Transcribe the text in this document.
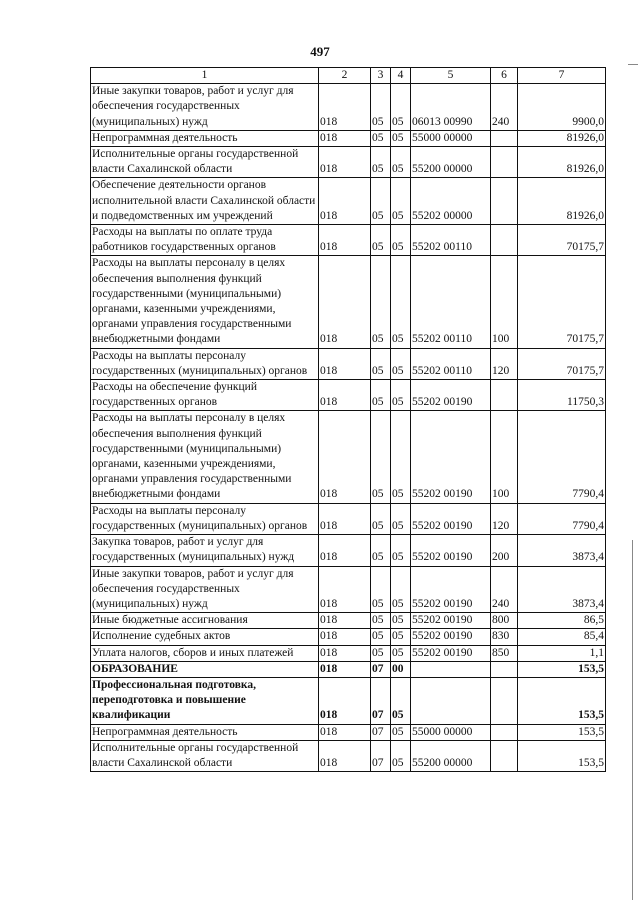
497
1	2	3	4	5	6	7
Иные закупки товаров, работ и услуг для обеспечения государственных (муниципальных) нужд	018	05	05	06013 00990	240	9900,0
Непрограммная деятельность	018	05	05	55000 00000		81926,0
Исполнительные органы государственной власти Сахалинской области	018	05	05	55200 00000		81926,0
Обеспечение деятельности органов исполнительной власти Сахалинской области и подведомственных им учреждений	018	05	05	55202 00000		81926,0
Расходы на выплаты по оплате труда работников государственных органов	018	05	05	55202 00110		70175,7
Расходы на выплаты персоналу в целях обеспечения выполнения функций государственными (муниципальными) органами, казенными учреждениями, органами управления государственными внебюджетными фондами	018	05	05	55202 00110	100	70175,7
Расходы на выплаты персоналу государственных (муниципальных) органов	018	05	05	55202 00110	120	70175,7
Расходы на обеспечение функций государственных органов	018	05	05	55202 00190		11750,3
Расходы на выплаты персоналу в целях обеспечения выполнения функций государственными (муниципальными) органами, казенными учреждениями, органами управления государственными внебюджетными фондами	018	05	05	55202 00190	100	7790,4
Расходы на выплаты персоналу государственных (муниципальных) органов	018	05	05	55202 00190	120	7790,4
Закупка товаров, работ и услуг для государственных (муниципальных) нужд	018	05	05	55202 00190	200	3873,4
Иные закупки товаров, работ и услуг для обеспечения государственных (муниципальных) нужд	018	05	05	55202 00190	240	3873,4
Иные бюджетные ассигнования	018	05	05	55202 00190	800	86,5
Исполнение судебных актов	018	05	05	55202 00190	830	85,4
Уплата налогов, сборов и иных платежей	018	05	05	55202 00190	850	1,1
ОБРАЗОВАНИЕ	018	07	00			153,5
Профессиональная подготовка, переподготовка и повышение квалификации	018	07	05			153,5
Непрограммная деятельность	018	07	05	55000 00000		153,5
Исполнительные органы государственной власти Сахалинской области	018	07	05	55200 00000		153,5
